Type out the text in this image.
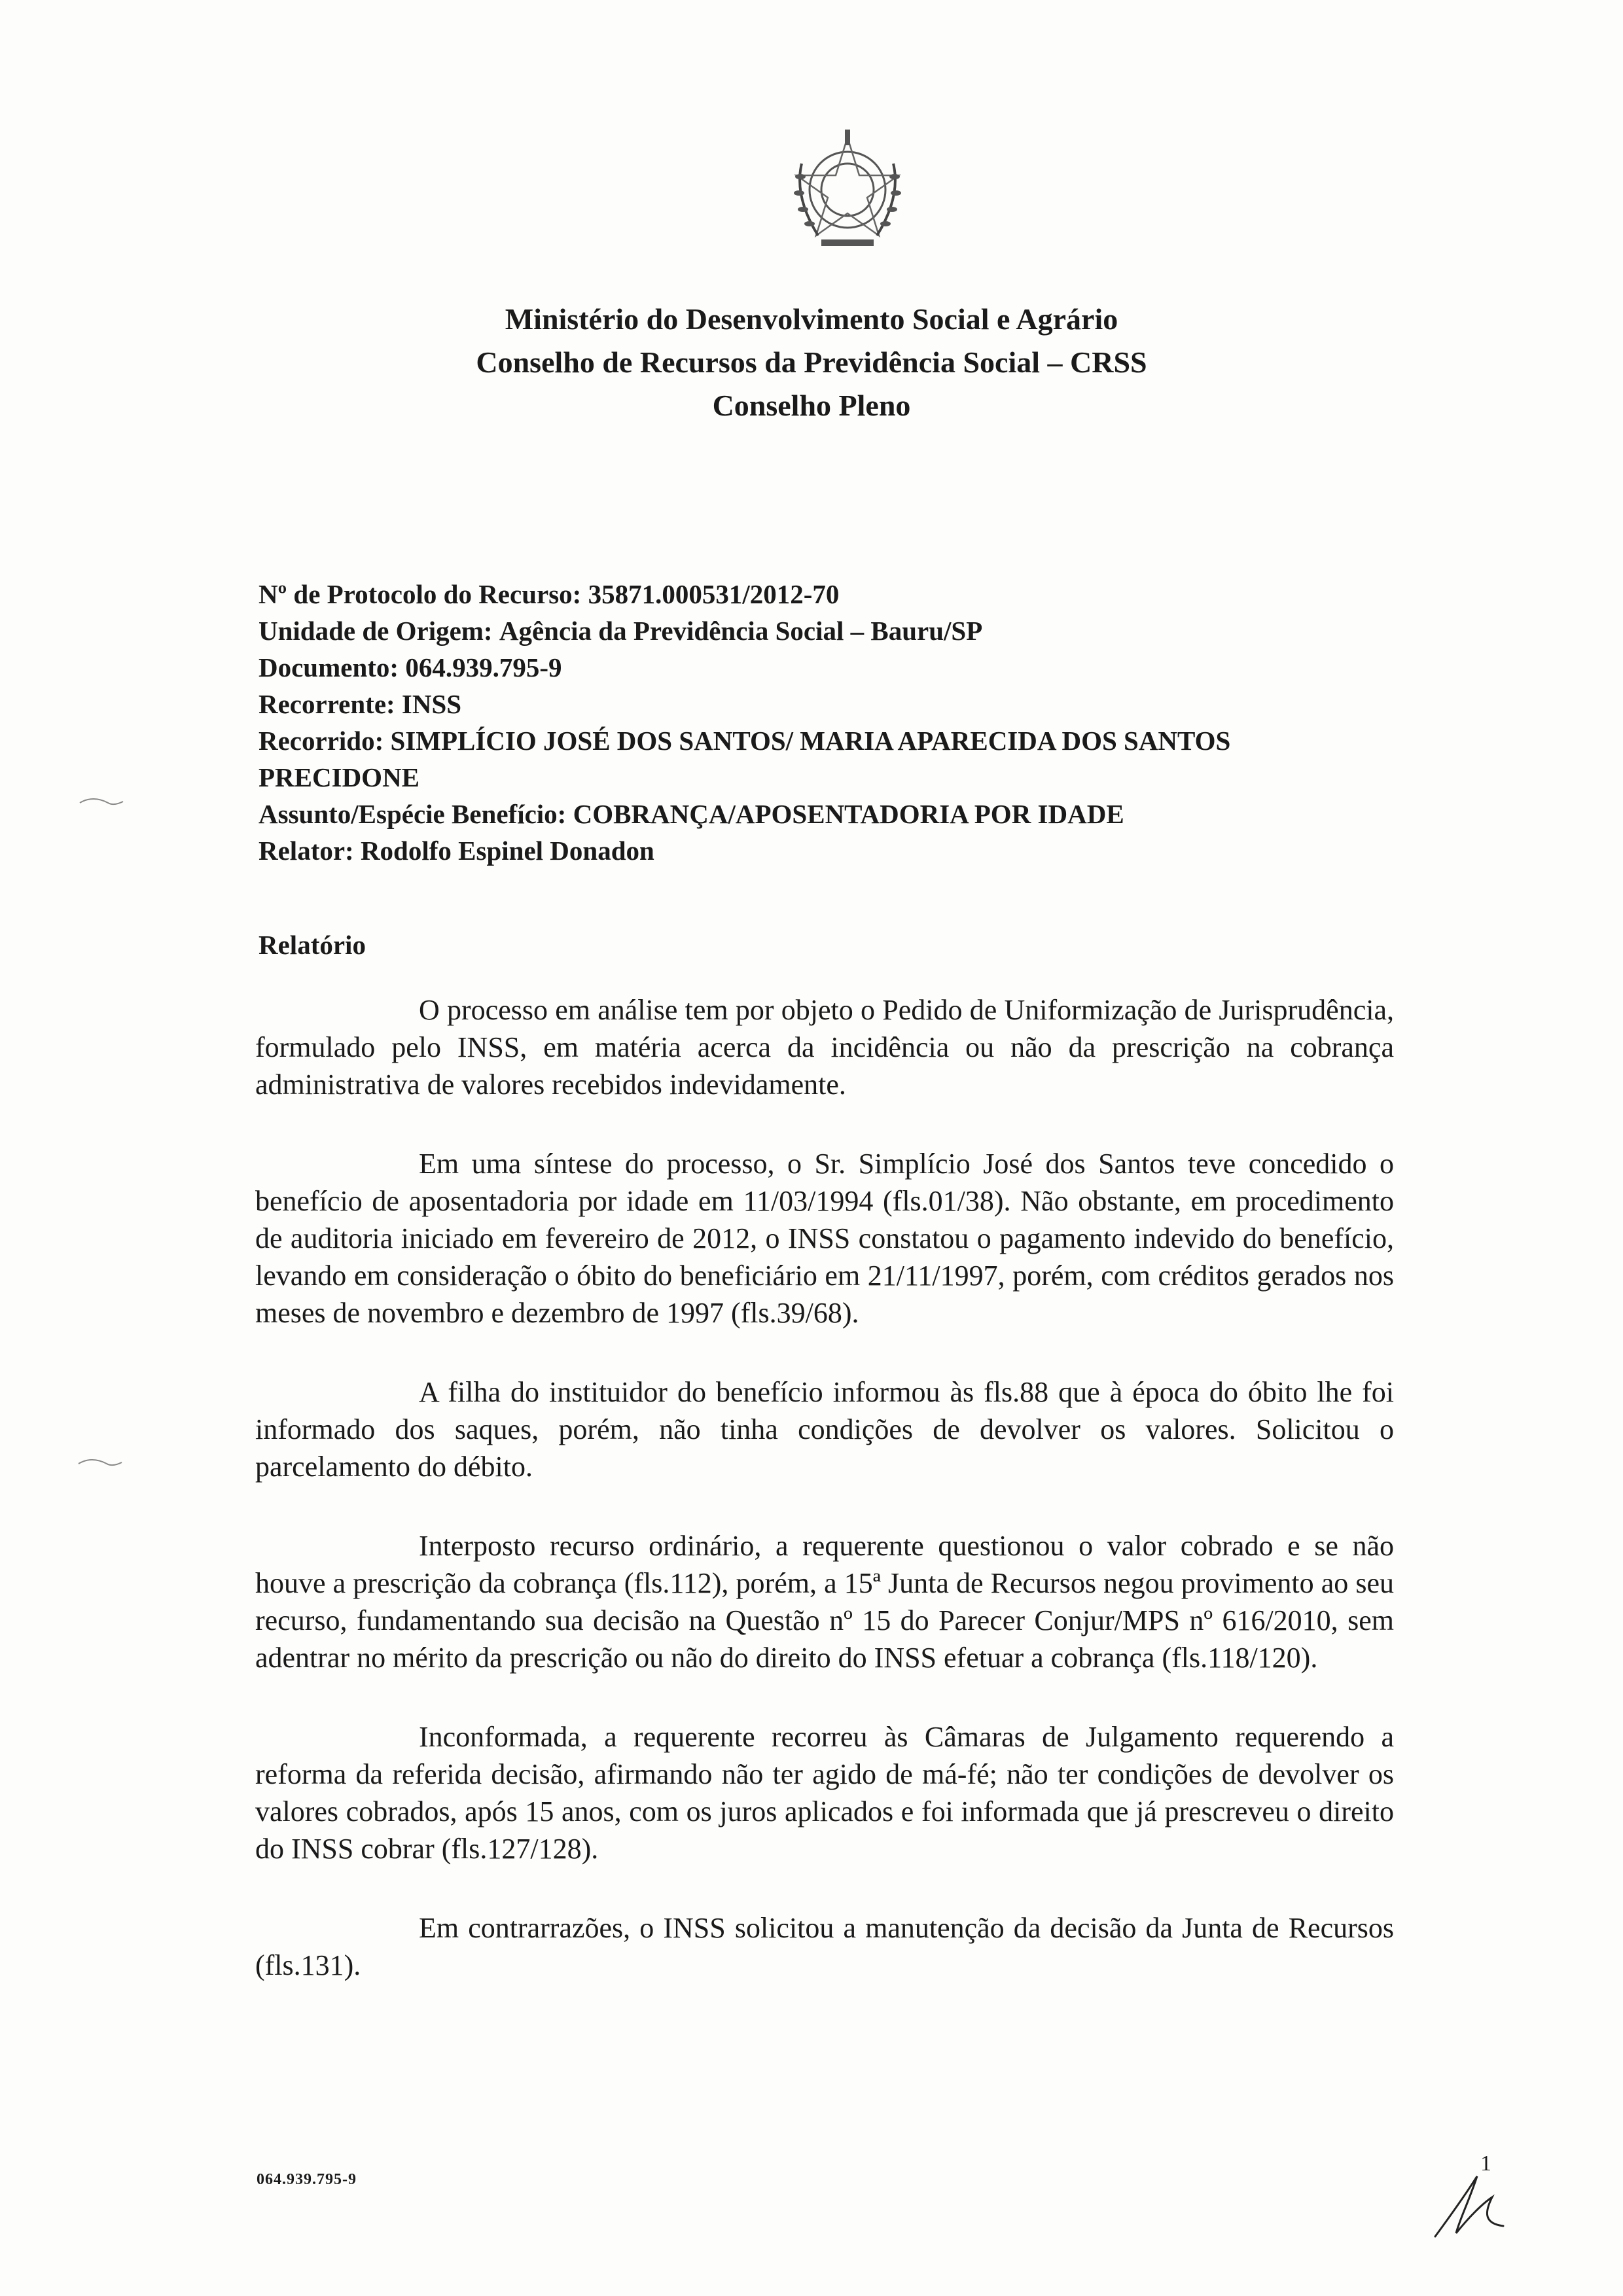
Ministério do Desenvolvimento Social e Agrário
Conselho de Recursos da Previdência Social – CRSS
Conselho Pleno
Nº de Protocolo do Recurso: 35871.000531/2012-70
Unidade de Origem: Agência da Previdência Social – Bauru/SP
Documento: 064.939.795-9
Recorrente: INSS
Recorrido: SIMPLÍCIO JOSÉ DOS SANTOS/ MARIA APARECIDA DOS SANTOS
PRECIDONE
Assunto/Espécie Benefício: COBRANÇA/APOSENTADORIA POR IDADE
Relator: Rodolfo Espinel Donadon
Relatório

O processo em análise tem por objeto o Pedido de Uniformização de Jurisprudência, formulado pelo INSS, em matéria acerca da incidência ou não da prescrição na cobrança administrativa de valores recebidos indevidamente.

Em uma síntese do processo, o Sr. Simplício José dos Santos teve concedido o benefício de aposentadoria por idade em 11/03/1994 (fls.01/38). Não obstante, em procedimento de auditoria iniciado em fevereiro de 2012, o INSS constatou o pagamento indevido do benefício, levando em consideração o óbito do beneficiário em 21/11/1997, porém, com créditos gerados nos meses de novembro e dezembro de 1997 (fls.39/68).

A filha do instituidor do benefício informou às fls.88 que à época do óbito lhe foi informado dos saques, porém, não tinha condições de devolver os valores. Solicitou o parcelamento do débito.

Interposto recurso ordinário, a requerente questionou o valor cobrado e se não houve a prescrição da cobrança (fls.112), porém, a 15ª Junta de Recursos negou provimento ao seu recurso, fundamentando sua decisão na Questão nº 15 do Parecer Conjur/MPS nº 616/2010, sem adentrar no mérito da prescrição ou não do direito do INSS efetuar a cobrança (fls.118/120).

Inconformada, a requerente recorreu às Câmaras de Julgamento requerendo a reforma da referida decisão, afirmando não ter agido de má-fé; não ter condições de devolver os valores cobrados, após 15 anos, com os juros aplicados e foi informada que já prescreveu o direito do INSS cobrar (fls.127/128).

Em contrarrazões, o INSS solicitou a manutenção da decisão da Junta de Recursos (fls.131).

064.939.795-9
1
